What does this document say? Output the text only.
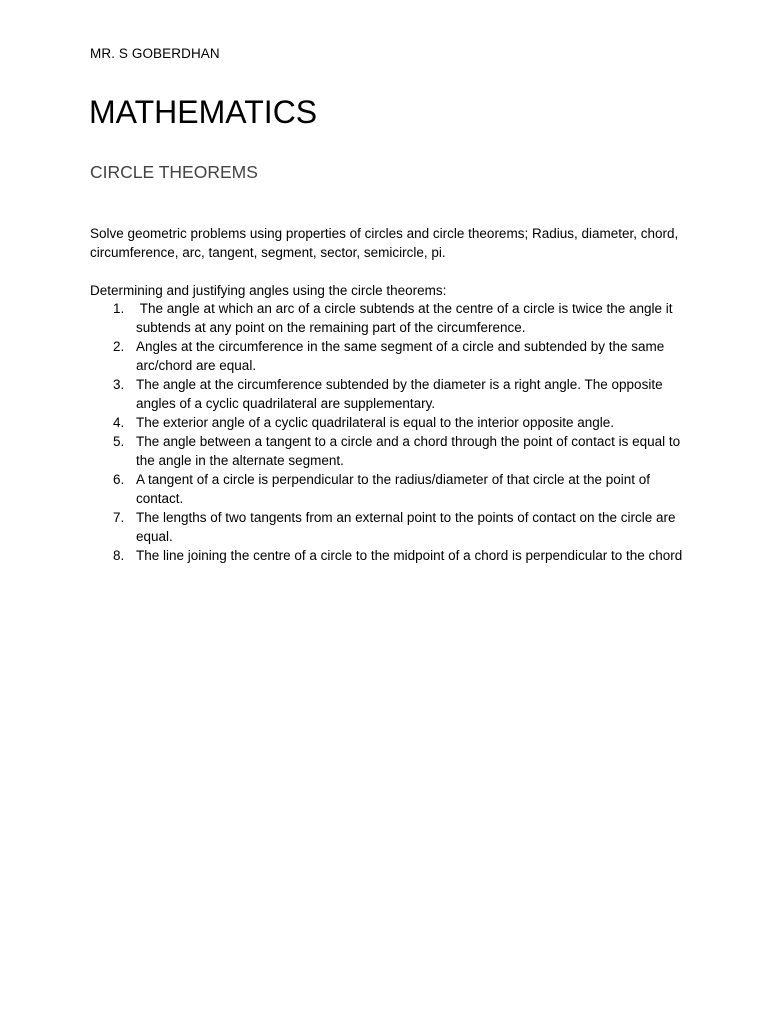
MR. S GOBERDHAN
MATHEMATICS
CIRCLE THEOREMS

Solve geometric problems using properties of circles and circle theorems; Radius, diameter, chord, circumference, arc, tangent, segment, sector, semicircle, pi.

Determining and justifying angles using the circle theorems:

1. The angle at which an arc of a circle subtends at the centre of a circle is twice the angle it subtends at any point on the remaining part of the circumference.
2. Angles at the circumference in the same segment of a circle and subtended by the same arc/chord are equal.
3. The angle at the circumference subtended by the diameter is a right angle. The opposite angles of a cyclic quadrilateral are supplementary.
4. The exterior angle of a cyclic quadrilateral is equal to the interior opposite angle.
5. The angle between a tangent to a circle and a chord through the point of contact is equal to the angle in the alternate segment.
6. A tangent of a circle is perpendicular to the radius/diameter of that circle at the point of contact.
7. The lengths of two tangents from an external point to the points of contact on the circle are equal.
8. The line joining the centre of a circle to the midpoint of a chord is perpendicular to the chord
